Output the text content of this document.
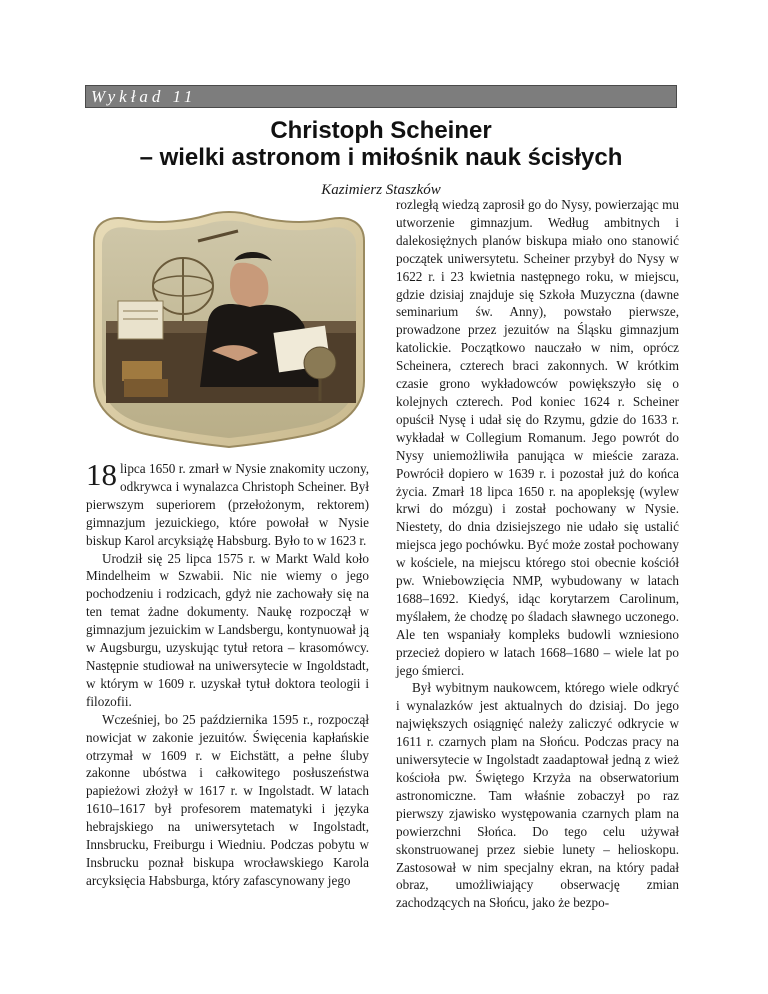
Wykład 11
Christoph Scheiner
– wielki astronom i miłośnik nauk ścisłych
Kazimierz Staszków

18 lipca 1650 r. zmarł w Nysie znakomity uczony, odkrywca i wynalazca Christoph Scheiner. Był pierwszym superiorem (przełożonym, rektorem) gimnazjum jezuickiego, które powołał w Nysie biskup Karol arcyksiążę Habsburg. Było to w 1623 r.

Urodził się 25 lipca 1575 r. w Markt Wald koło Mindelheim w Szwabii. Nic nie wiemy o jego pochodzeniu i rodzicach, gdyż nie zachowały się na ten temat żadne dokumenty. Naukę rozpoczął w gimnazjum jezuickim w Landsbergu, kontynuował ją w Augsburgu, uzyskując tytuł retora – krasomówcy. Następnie studiował na uniwersytecie w Ingoldstadt, w którym w 1609 r. uzyskał tytuł doktora teologii i filozofii.

Wcześniej, bo 25 października 1595 r., rozpoczął nowicjat w zakonie jezuitów. Święcenia kapłańskie otrzymał w 1609 r. w Eichstätt, a pełne śluby zakonne ubóstwa i całkowitego posłuszeństwa papieżowi złożył w 1617 r. w Ingolstadt. W latach 1610–1617 był profesorem matematyki i języka hebrajskiego na uniwersytetach w Ingolstadt, Innsbrucku, Freiburgu i Wiedniu. Podczas pobytu w Insbrucku poznał biskupa wrocławskiego Karola arcyksięcia Habsburga, który zafascynowany jego

rozległą wiedzą zaprosił go do Nysy, powierzając mu utworzenie gimnazjum. Według ambitnych i dalekosiężnych planów biskupa miało ono stanowić początek uniwersytetu. Scheiner przybył do Nysy w 1622 r. i 23 kwietnia następnego roku, w miejscu, gdzie dzisiaj znajduje się Szkoła Muzyczna (dawne seminarium św. Anny), powstało pierwsze, prowadzone przez jezuitów na Śląsku gimnazjum katolickie. Początkowo nauczało w nim, oprócz Scheinera, czterech braci zakonnych. W krótkim czasie grono wykładowców powiększyło się o kolejnych czterech. Pod koniec 1624 r. Scheiner opuścił Nysę i udał się do Rzymu, gdzie do 1633 r. wykładał w Collegium Romanum. Jego powrót do Nysy uniemożliwiła panująca w mieście zaraza. Powrócił dopiero w 1639 r. i pozostał już do końca życia. Zmarł 18 lipca 1650 r. na apopleksję (wylew krwi do mózgu) i został pochowany w Nysie. Niestety, do dnia dzisiejszego nie udało się ustalić miejsca jego pochówku. Być może został pochowany w kościele, na miejscu którego stoi obecnie kościół pw. Wniebowzięcia NMP, wybudowany w latach 1688–1692. Kiedyś, idąc korytarzem Carolinum, myślałem, że chodzę po śladach sławnego uczonego. Ale ten wspaniały kompleks budowli wzniesiono przecież dopiero w latach 1668–1680 – wiele lat po jego śmierci.

Był wybitnym naukowcem, którego wiele odkryć i wynalazków jest aktualnych do dzisiaj. Do jego największych osiągnięć należy zaliczyć odkrycie w 1611 r. czarnych plam na Słońcu. Podczas pracy na uniwersytecie w Ingolstadt zaadaptował jedną z wież kościoła pw. Świętego Krzyża na obserwatorium astronomiczne. Tam właśnie zobaczył po raz pierwszy zjawisko występowania czarnych plam na powierzchni Słońca. Do tego celu używał skonstruowanej przez siebie lunety – helioskopu. Zastosował w nim specjalny ekran, na który padał obraz, umożliwiający obserwację zmian zachodzących na Słońcu, jako że bezpo-
